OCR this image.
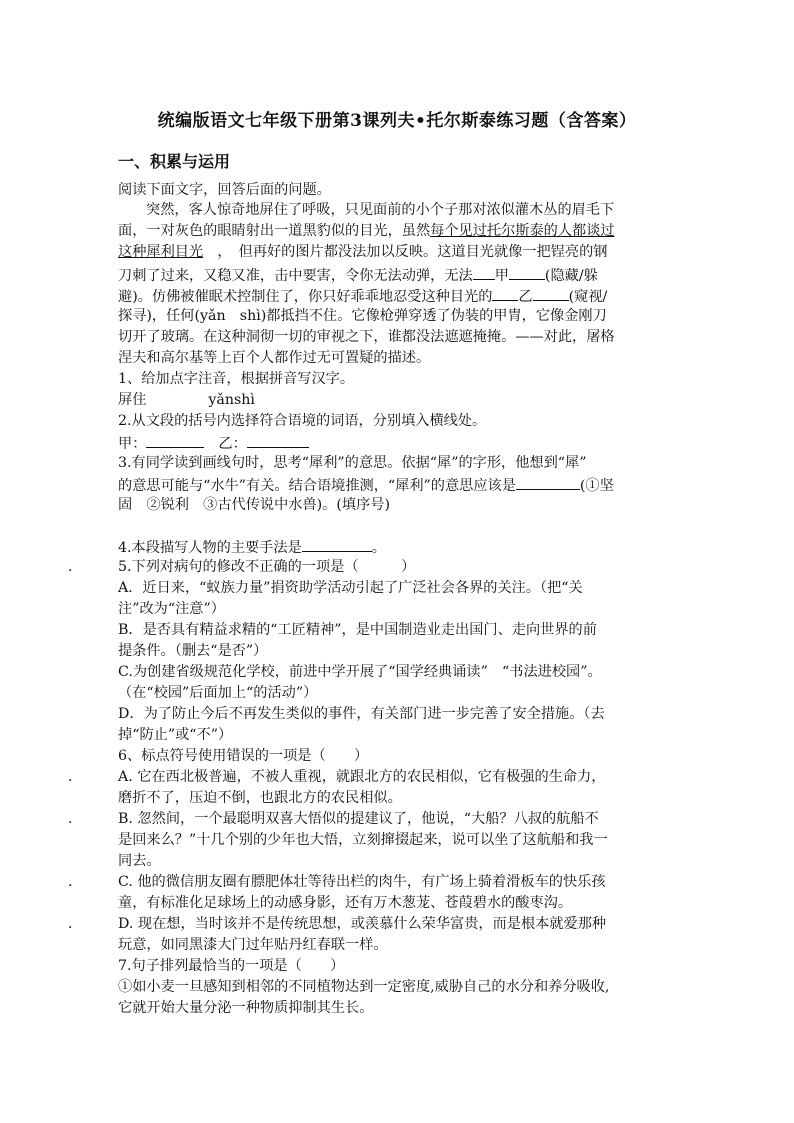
统编版语文七年级下册第3课列夫•托尔斯泰练习题（含答案）
一、积累与运用
阅读下面文字，回答后面的问题。
突然，客人惊奇地屏住了呼吸，只见面前的小个子那对浓似灌木丛的眉毛下
面，一对灰色的眼睛射出一道黑豹似的目光，虽然每个见过托尔斯泰的人都谈过
这种犀利目光　，　但再好的图片都没法加以反映。这道目光就像一把锃亮的钢
刀刺了过来，又稳又准，击中要害，令你无法动弹，无法 甲	(隐藏/躲
避)。仿佛被催眠术控制住了，你只好乖乖地忍受这种目光的 乙	(窥视/
探寻)，任何(yǎn　shì)都抵挡不住。它像枪弹穿透了伪装的甲胄，它像金刚刀
切开了玻璃。在这种洞彻一切的审视之下，谁都没法遮遮掩掩。——对此，屠格
涅夫和高尔基等上百个人都作过无可置疑的描述。
1、给加点字注音，根据拼音写汉字。
屏住	yǎnshì
2.从文段的括号内选择符合语境的词语，分别填入横线处。
甲：	乙：
3.有同学读到画线句时，思考“犀利”的意思。依据“犀”的字形，他想到“犀”
的意思可能与“水牛”有关。结合语境推测，“犀利”的意思应该是	(①坚
固　②锐利　③古代传说中水兽)。(填序号)
4.本段描写人物的主要手法是	。
.	5.下列对病句的修改不正确的一项是（　　　）
A．近日来，“蚁族力量”捐资助学活动引起了广泛社会各界的关注。（把“关
注”改为“注意”）
B．是否具有精益求精的“工匠精神”，是中国制造业走出国门、走向世界的前
提条件。（删去“是否”）
C.为创建省级规范化学校，前进中学开展了“国学经典诵读”　“书法进校园”。
（在“校园”后面加上“的活动”）
D．为了防止今后不再发生类似的事件，有关部门进一步完善了安全措施。（去
掉“防止”或“不”）
6、标点符号使用错误的一项是（　　）
.	A. 它在西北极普遍，不被人重视，就跟北方的农民相似，它有极强的生命力，
磨折不了，压迫不倒，也跟北方的农民相似。
.	B. 忽然间，一个最聪明双喜大悟似的提建议了，他说，“大船？八叔的航船不
是回来么？”十几个别的少年也大悟，立刻撺掇起来，说可以坐了这航船和我一
同去。
.	C. 他的微信朋友圈有膘肥体壮等待出栏的肉牛，有广场上骑着滑板车的快乐孩
童，有标准化足球场上的动感身影，还有万木葱茏、苍葭碧水的酸枣沟。
.	D. 现在想，当时该并不是传统思想，或羡慕什么荣华富贵，而是根本就爱那种
玩意，如同黑漆大门过年贴丹红春联一样。
7.句子排列最恰当的一项是（　　）
①如小麦一旦感知到相邻的不同植物达到一定密度,威胁自己的水分和养分吸收,
它就开始大量分泌一种物质抑制其生长。
